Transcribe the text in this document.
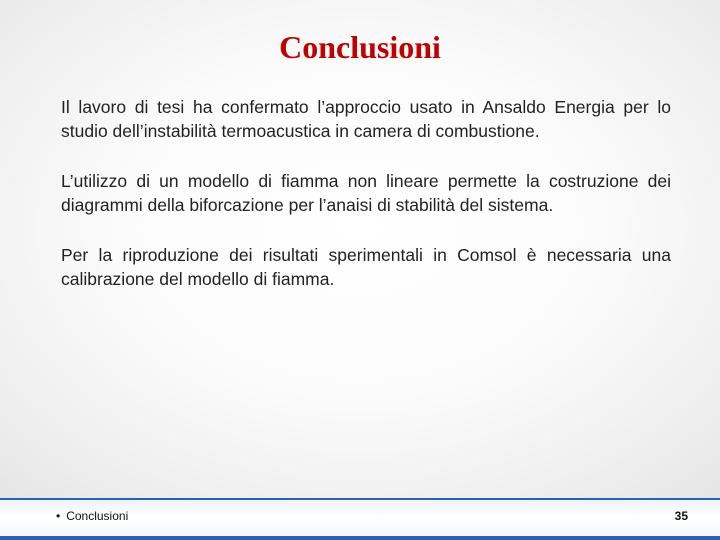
Conclusioni

Il lavoro di tesi ha confermato l’approccio usato in Ansaldo Energia per lo studio dell’instabilità termoacustica in camera di combustione.

L’utilizzo di un modello di fiamma non lineare permette la costruzione dei diagrammi della biforcazione per l’anaisi di stabilità del sistema.

Per la riproduzione dei risultati sperimentali in Comsol è necessaria una calibrazione del modello di fiamma.

• Conclusioni	35
